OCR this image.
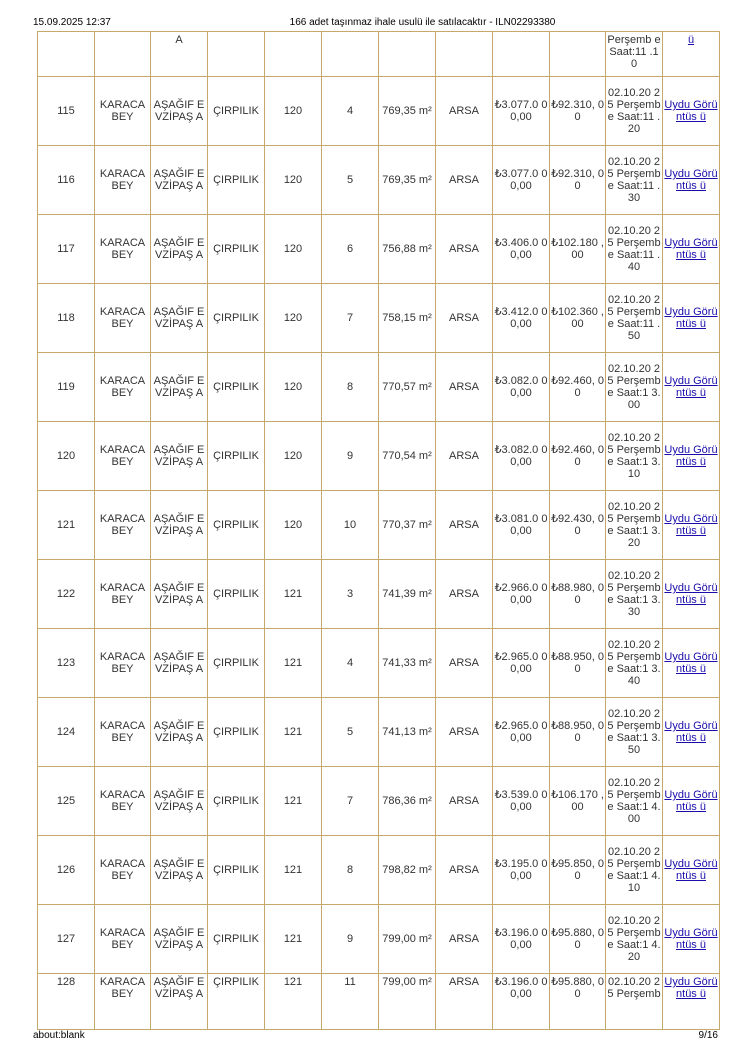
15.09.2025 12:37	166 adet taşınmaz ihale usulü ile satılacaktır - ILN02293380
		A								Perşemb e Saat:11 .10	ü
115	KARACA BEY	AŞAĞIF EVZİPAŞ A	ÇIRPILIK	120	4	769,35 m²	ARSA	₺3.077.0 00,00	₺92.310, 00	02.10.20 25 Perşemb e Saat:11 .20	Uydu Görüntüs ü
116	KARACA BEY	AŞAĞIF EVZİPAŞ A	ÇIRPILIK	120	5	769,35 m²	ARSA	₺3.077.0 00,00	₺92.310, 00	02.10.20 25 Perşemb e Saat:11 .30	Uydu Görüntüs ü
117	KARACA BEY	AŞAĞIF EVZİPAŞ A	ÇIRPILIK	120	6	756,88 m²	ARSA	₺3.406.0 00,00	₺102.180 ,00	02.10.20 25 Perşemb e Saat:11 .40	Uydu Görüntüs ü
118	KARACA BEY	AŞAĞIF EVZİPAŞ A	ÇIRPILIK	120	7	758,15 m²	ARSA	₺3.412.0 00,00	₺102.360 ,00	02.10.20 25 Perşemb e Saat:11 .50	Uydu Görüntüs ü
119	KARACA BEY	AŞAĞIF EVZİPAŞ A	ÇIRPILIK	120	8	770,57 m²	ARSA	₺3.082.0 00,00	₺92.460, 00	02.10.20 25 Perşemb e Saat:1 3.00	Uydu Görüntüs ü
120	KARACA BEY	AŞAĞIF EVZİPAŞ A	ÇIRPILIK	120	9	770,54 m²	ARSA	₺3.082.0 00,00	₺92.460, 00	02.10.20 25 Perşemb e Saat:1 3.10	Uydu Görüntüs ü
121	KARACA BEY	AŞAĞIF EVZİPAŞ A	ÇIRPILIK	120	10	770,37 m²	ARSA	₺3.081.0 00,00	₺92.430, 00	02.10.20 25 Perşemb e Saat:1 3.20	Uydu Görüntüs ü
122	KARACA BEY	AŞAĞIF EVZİPAŞ A	ÇIRPILIK	121	3	741,39 m²	ARSA	₺2.966.0 00,00	₺88.980, 00	02.10.20 25 Perşemb e Saat:1 3.30	Uydu Görüntüs ü
123	KARACA BEY	AŞAĞIF EVZİPAŞ A	ÇIRPILIK	121	4	741,33 m²	ARSA	₺2.965.0 00,00	₺88.950, 00	02.10.20 25 Perşemb e Saat:1 3.40	Uydu Görüntüs ü
124	KARACA BEY	AŞAĞIF EVZİPAŞ A	ÇIRPILIK	121	5	741,13 m²	ARSA	₺2.965.0 00,00	₺88.950, 00	02.10.20 25 Perşemb e Saat:1 3.50	Uydu Görüntüs ü
125	KARACA BEY	AŞAĞIF EVZİPAŞ A	ÇIRPILIK	121	7	786,36 m²	ARSA	₺3.539.0 00,00	₺106.170 ,00	02.10.20 25 Perşemb e Saat:1 4.00	Uydu Görüntüs ü
126	KARACA BEY	AŞAĞIF EVZİPAŞ A	ÇIRPILIK	121	8	798,82 m²	ARSA	₺3.195.0 00,00	₺95.850, 00	02.10.20 25 Perşemb e Saat:1 4.10	Uydu Görüntüs ü
127	KARACA BEY	AŞAĞIF EVZİPAŞ A	ÇIRPILIK	121	9	799,00 m²	ARSA	₺3.196.0 00,00	₺95.880, 00	02.10.20 25 Perşemb e Saat:1 4.20	Uydu Görüntüs ü
128	KARACA BEY	AŞAĞIF EVZİPAŞ A	ÇIRPILIK	121	11	799,00 m²	ARSA	₺3.196.0 00,00	₺95.880, 00	02.10.20 25 Perşemb	Uydu Görüntüs ü
about:blank	9/16
